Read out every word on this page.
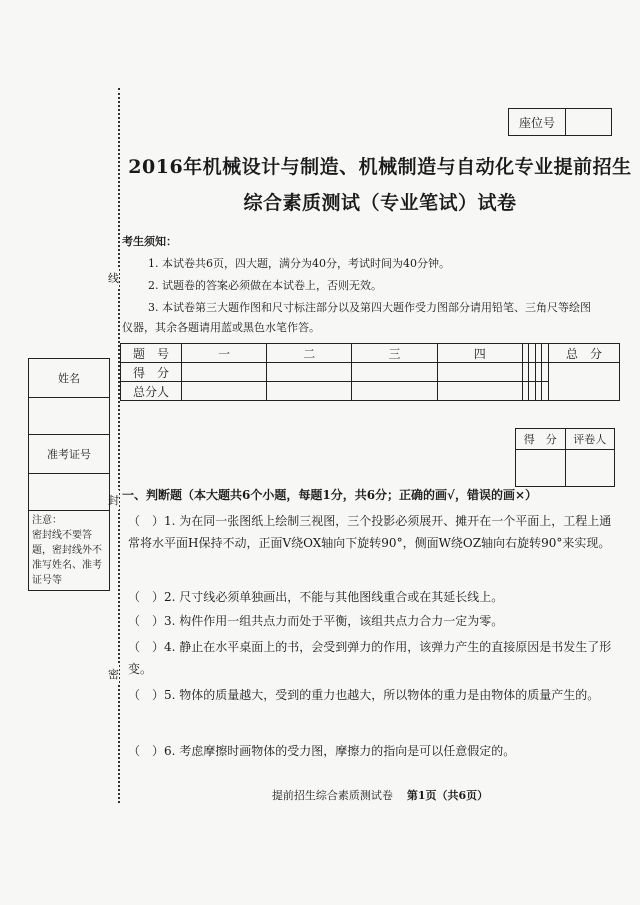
线
封
密
座位号
2016年机械设计与制造、机械制造与自动化专业提前招生
综合素质测试（专业笔试）试卷
考生须知：
1. 本试卷共6页，四大题，满分为40分，考试时间为40分钟。
2. 试题卷的答案必须做在本试卷上，否则无效。
3. 本试卷第三大题作图和尺寸标注部分以及第四大题作受力图部分请用铅笔、三角尺等绘图
仪器，其余各题请用蓝或黑色水笔作答。
题　号	一	二	三	四					总　分
得　分									
总分人									
姓名
准考证号
注意：
密封线不要答题，密封线外不准写姓名、准考证号等
得　分	评卷人

一、判断题（本大题共6个小题，每题1分，共6分；正确的画√，错误的画×）
（　）1. 为在同一张图纸上绘制三视图，三个投影必须展开、摊开在一个平面上，工程上通常将水平面H保持不动，正面V绕OX轴向下旋转90°，侧面W绕OZ轴向右旋转90°来实现。
（　）2. 尺寸线必须单独画出，不能与其他图线重合或在其延长线上。
（　）3. 构件作用一组共点力而处于平衡，该组共点力合力一定为零。
（　）4. 静止在水平桌面上的书，会受到弹力的作用，该弹力产生的直接原因是书发生了形变。
（　）5. 物体的质量越大，受到的重力也越大，所以物体的重力是由物体的质量产生的。
（　）6. 考虑摩擦时画物体的受力图，摩擦力的指向是可以任意假定的。
提前招生综合素质测试卷 第1页（共6页）
